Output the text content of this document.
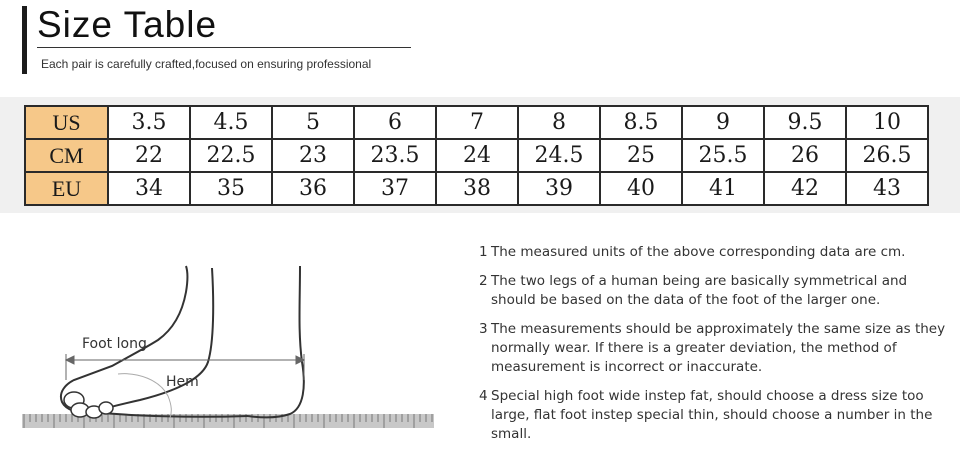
Size Table
Each pair is carefully crafted,focused on ensuring professional
US	3.5	4.5	5	6	7	8	8.5	9	9.5	10
CM	22	22.5	23	23.5	24	24.5	25	25.5	26	26.5
EU	34	35	36	37	38	39	40	41	42	43
Foot long
Hem
1 The measured units of the above corresponding data are cm.
2 The two legs of a human being are basically symmetrical and should be based on the data of the foot of the larger one.
3 The measurements should be approximately the same size as they normally wear. If there is a greater deviation, the method of measurement is incorrect or inaccurate.
4 Special high foot wide instep fat, should choose a dress size too large, flat foot instep special thin, should choose a number in the small.
